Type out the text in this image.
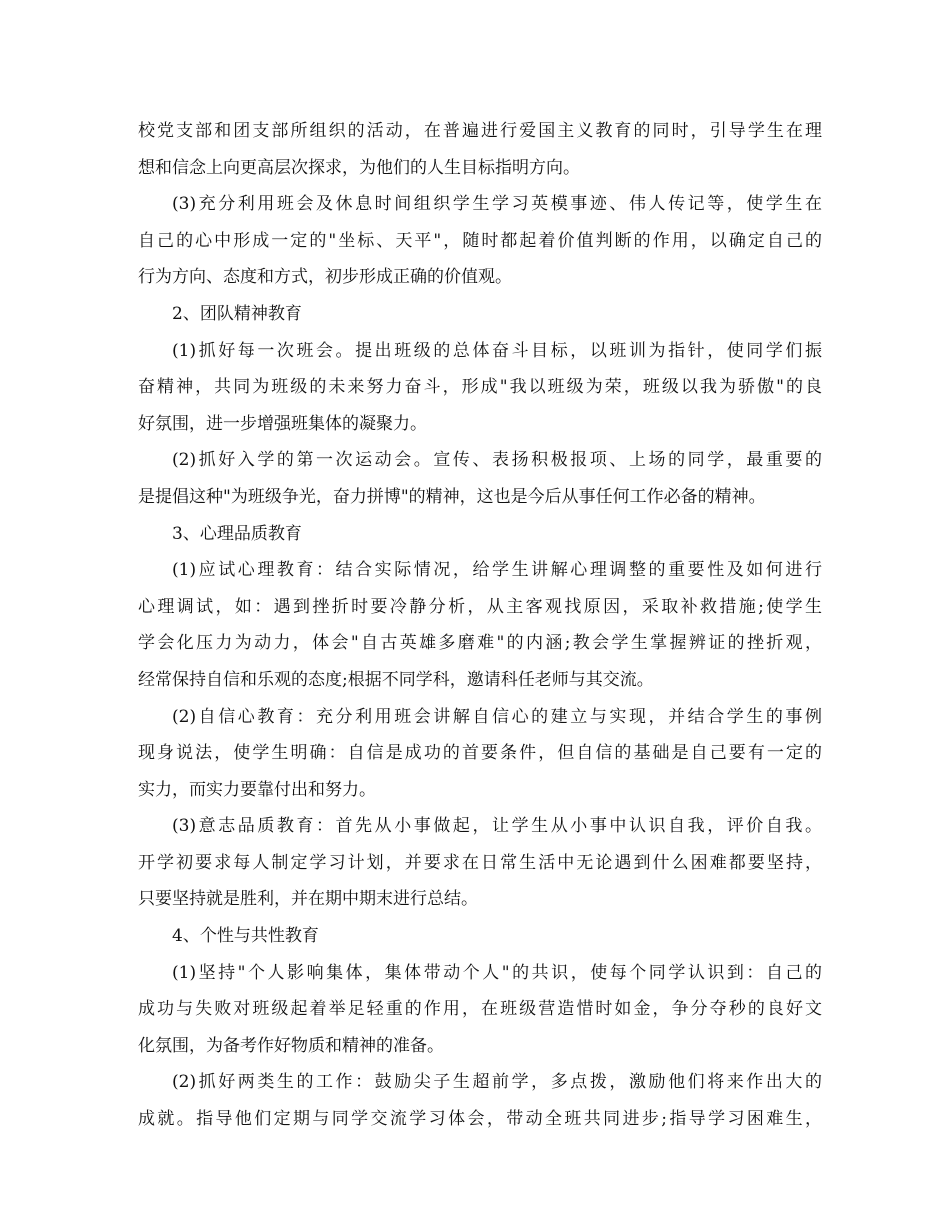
校党支部和团支部所组织的活动，在普遍进行爱国主义教育的同时，引导学生在理
想和信念上向更高层次探求，为他们的人生目标指明方向。
(3)充分利用班会及休息时间组织学生学习英模事迹、伟人传记等，使学生在
自己的心中形成一定的"坐标、天平"，随时都起着价值判断的作用，以确定自己的
行为方向、态度和方式，初步形成正确的价值观。
2、团队精神教育
(1)抓好每一次班会。提出班级的总体奋斗目标，以班训为指针，使同学们振
奋精神，共同为班级的未来努力奋斗，形成"我以班级为荣，班级以我为骄傲"的良
好氛围，进一步增强班集体的凝聚力。
(2)抓好入学的第一次运动会。宣传、表扬积极报项、上场的同学，最重要的
是提倡这种"为班级争光，奋力拼博"的精神，这也是今后从事任何工作必备的精神。
3、心理品质教育
(1)应试心理教育：结合实际情况，给学生讲解心理调整的重要性及如何进行
心理调试，如：遇到挫折时要冷静分析，从主客观找原因，采取补救措施;使学生
学会化压力为动力，体会"自古英雄多磨难"的内涵;教会学生掌握辨证的挫折观，
经常保持自信和乐观的态度;根据不同学科，邀请科任老师与其交流。
(2)自信心教育：充分利用班会讲解自信心的建立与实现，并结合学生的事例
现身说法，使学生明确：自信是成功的首要条件，但自信的基础是自己要有一定的
实力，而实力要靠付出和努力。
(3)意志品质教育：首先从小事做起，让学生从小事中认识自我，评价自我。
开学初要求每人制定学习计划，并要求在日常生活中无论遇到什么困难都要坚持，
只要坚持就是胜利，并在期中期末进行总结。
4、个性与共性教育
(1)坚持"个人影响集体，集体带动个人"的共识，使每个同学认识到：自己的
成功与失败对班级起着举足轻重的作用，在班级营造惜时如金，争分夺秒的良好文
化氛围，为备考作好物质和精神的准备。
(2)抓好两类生的工作：鼓励尖子生超前学，多点拨，激励他们将来作出大的
成就。指导他们定期与同学交流学习体会，带动全班共同进步;指导学习困难生，
